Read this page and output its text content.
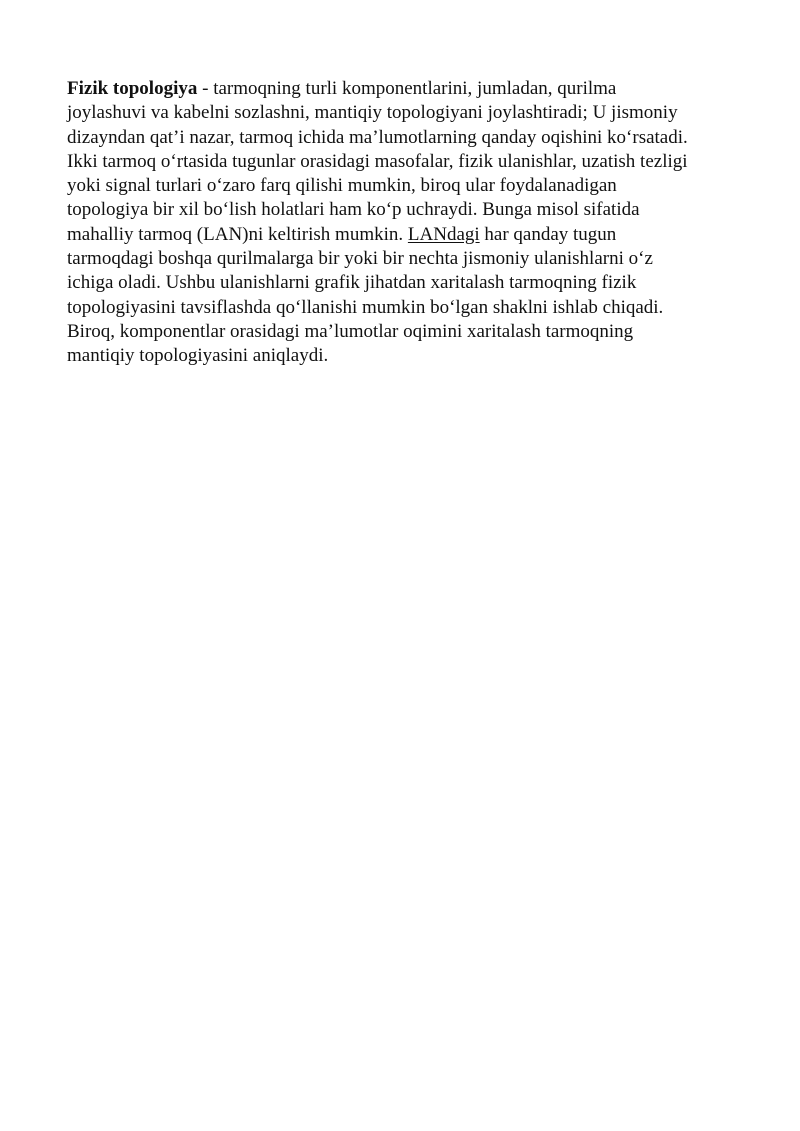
Fizik topologiya - tarmoqning turli komponentlarini, jumladan, qurilma
joylashuvi va kabelni sozlashni, mantiqiy topologiyani joylashtiradi; U jismoniy
dizayndan qat’i nazar, tarmoq ichida ma’lumotlarning qanday oqishini ko‘rsatadi.
Ikki tarmoq o‘rtasida tugunlar orasidagi masofalar, fizik ulanishlar, uzatish tezligi
yoki signal turlari o‘zaro farq qilishi mumkin, biroq ular foydalanadigan
topologiya bir xil bo‘lish holatlari ham ko‘p uchraydi. Bunga misol sifatida
mahalliy tarmoq (LAN)ni keltirish mumkin. LANdagi har qanday tugun
tarmoqdagi boshqa qurilmalarga bir yoki bir nechta jismoniy ulanishlarni o‘z
ichiga oladi. Ushbu ulanishlarni grafik jihatdan xaritalash tarmoqning fizik
topologiyasini tavsiflashda qo‘llanishi mumkin bo‘lgan shaklni ishlab chiqadi.
Biroq, komponentlar orasidagi ma’lumotlar oqimini xaritalash tarmoqning
mantiqiy topologiyasini aniqlaydi.
